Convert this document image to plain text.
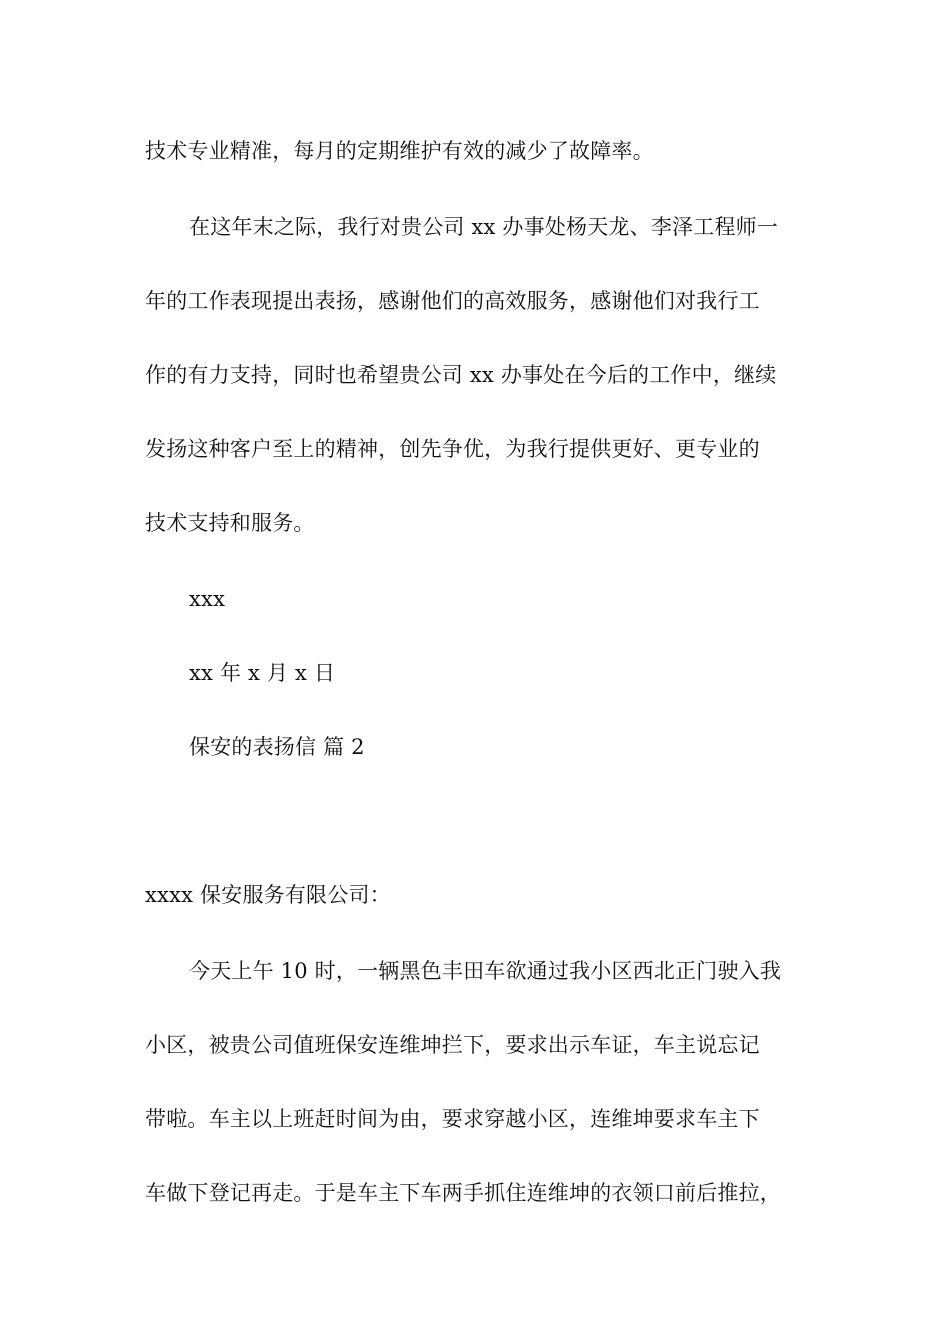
技术专业精准，每月的定期维护有效的减少了故障率。
在这年末之际，我行对贵公司 xx 办事处杨天龙、李泽工程师一
年的工作表现提出表扬，感谢他们的高效服务，感谢他们对我行工
作的有力支持，同时也希望贵公司 xx 办事处在今后的工作中，继续
发扬这种客户至上的精神，创先争优，为我行提供更好、更专业的
技术支持和服务。
xxx
xx 年 x 月 x 日
保安的表扬信 篇 2
xxxx 保安服务有限公司：
今天上午 10 时，一辆黑色丰田车欲通过我小区西北正门驶入我
小区，被贵公司值班保安连维坤拦下，要求出示车证，车主说忘记
带啦。车主以上班赶时间为由，要求穿越小区，连维坤要求车主下
车做下登记再走。于是车主下车两手抓住连维坤的衣领口前后推拉，
